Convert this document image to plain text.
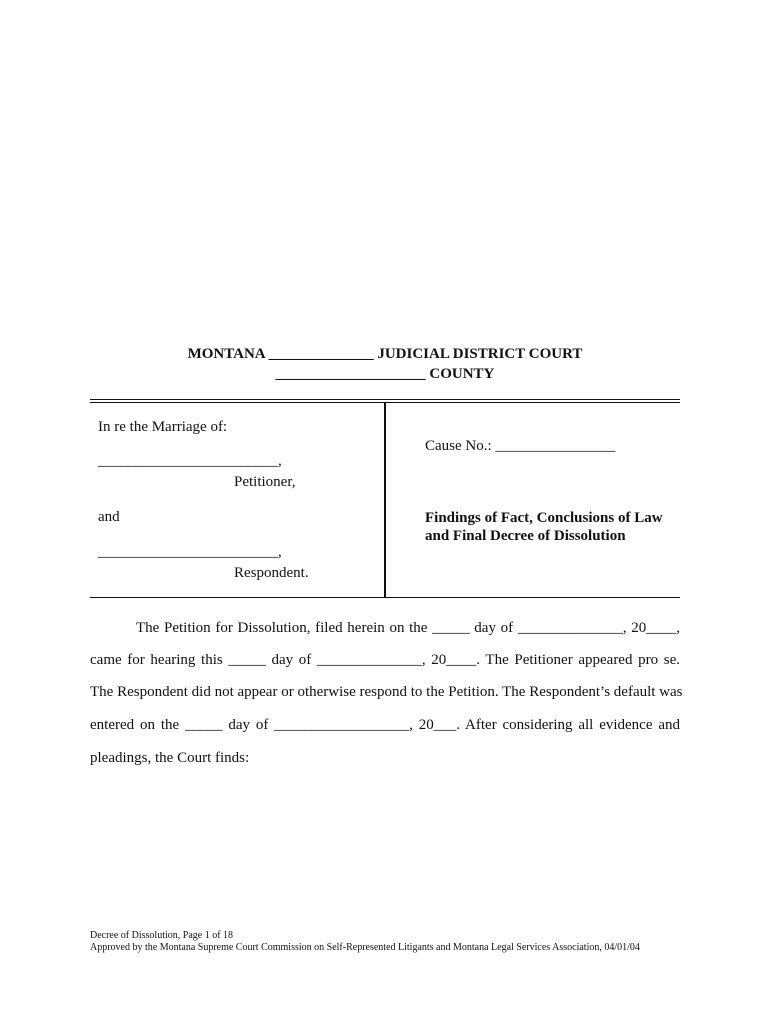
MONTANA ______________ JUDICIAL DISTRICT COURT
____________________ COUNTY
In re the Marriage of:
________________________,
Petitioner,
and
________________________,
Respondent.
Cause No.: ________________
Findings of Fact, Conclusions of Law
and Final Decree of Dissolution
The Petition for Dissolution, filed herein on the _____ day of ______________, 20____,
came for hearing this _____ day of ______________, 20____. The Petitioner appeared pro se.
The Respondent did not appear or otherwise respond to the Petition. The Respondent’s default was
entered on the _____ day of __________________, 20___. After considering all evidence and
pleadings, the Court finds:
Decree of Dissolution, Page 1 of 18
Approved by the Montana Supreme Court Commission on Self-Represented Litigants and Montana Legal Services Association, 04/01/04
